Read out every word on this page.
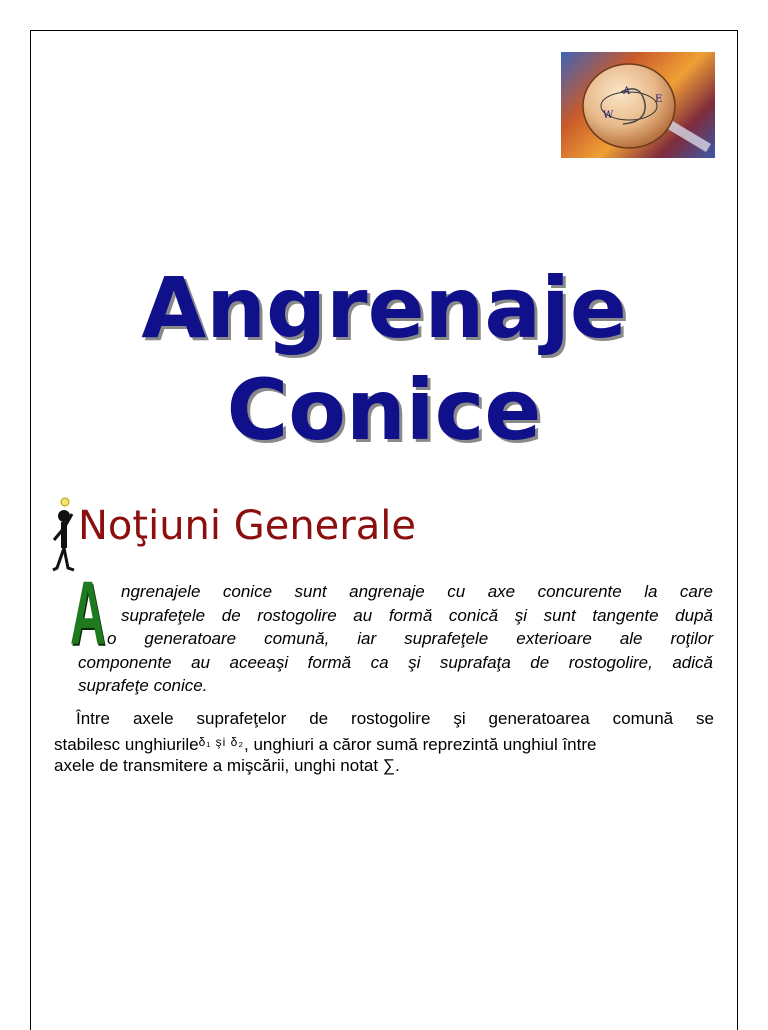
W
A
E
Angrenaje
Conice
Noţiuni Generale
A ngrenajele conice sunt angrenaje cu axe concurente la care
suprafeţele de rostogolire au formă conică şi sunt tangente după
o generatoare comună, iar suprafeţele exterioare ale roţilor
componente au aceeaşi formă ca şi suprafaţa de rostogolire, adică
suprafeţe conice.
Între axele suprafeţelor de rostogolire şi generatoarea comună se
stabilesc unghiurile$^{\delta_1 şi \delta_2}$, unghiuri a căror sumă reprezintă unghiul între
axele de transmitere a mişcării, unghi notat ∑.
